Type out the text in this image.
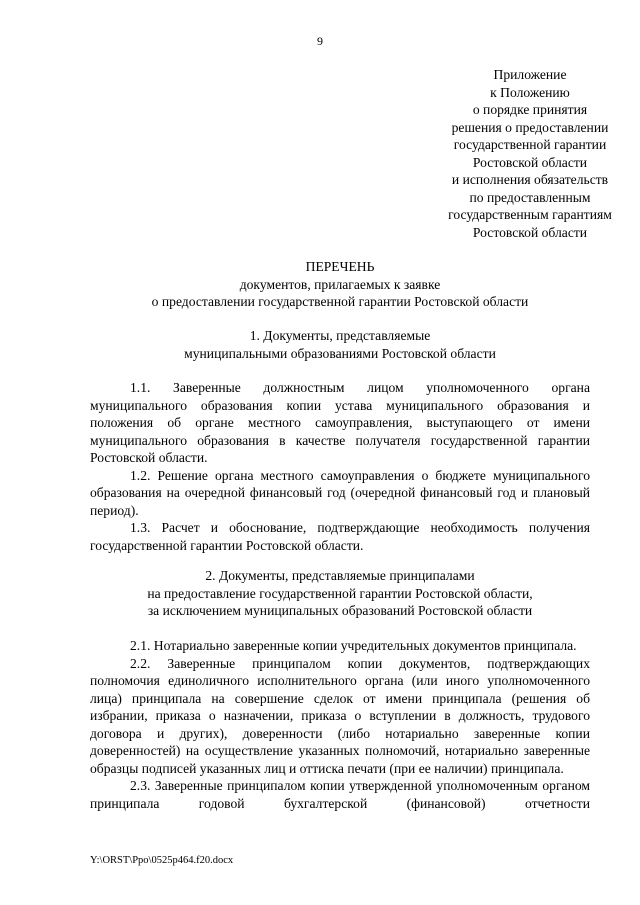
9
Приложение
к Положению
о порядке принятия
решения о предоставлении
государственной гарантии
Ростовской области
и исполнения обязательств
по предоставленным
государственным гарантиям
Ростовской области
ПЕРЕЧЕНЬ
документов, прилагаемых к заявке
о предоставлении государственной гарантии Ростовской области
1. Документы, представляемые
муниципальными образованиями Ростовской области

1.1. Заверенные должностным лицом уполномоченного органа муниципального образования копии устава муниципального образования и положения об органе местного самоуправления, выступающего от имени муниципального образования в качестве получателя государственной гарантии Ростовской области.

1.2. Решение органа местного самоуправления о бюджете муниципального образования на очередной финансовый год (очередной финансовый год и плановый период).

1.3. Расчет и обоснование, подтверждающие необходимость получения государственной гарантии Ростовской области.

2. Документы, представляемые принципалами
на предоставление государственной гарантии Ростовской области,
за исключением муниципальных образований Ростовской области

2.1. Нотариально заверенные копии учредительных документов принципала.

2.2. Заверенные принципалом копии документов, подтверждающих полномочия единоличного исполнительного органа (или иного уполномоченного лица) принципала на совершение сделок от имени принципала (решения об избрании, приказа о назначении, приказа о вступлении в должность, трудового договора и других), доверенности (либо нотариально заверенные копии доверенностей) на осуществление указанных полномочий, нотариально заверенные образцы подписей указанных лиц и оттиска печати (при ее наличии) принципала.

2.3. Заверенные принципалом копии утвержденной уполномоченным органом принципала годовой бухгалтерской (финансовой) отчетности

Y:\ORST\Ppo\0525p464.f20.docx
